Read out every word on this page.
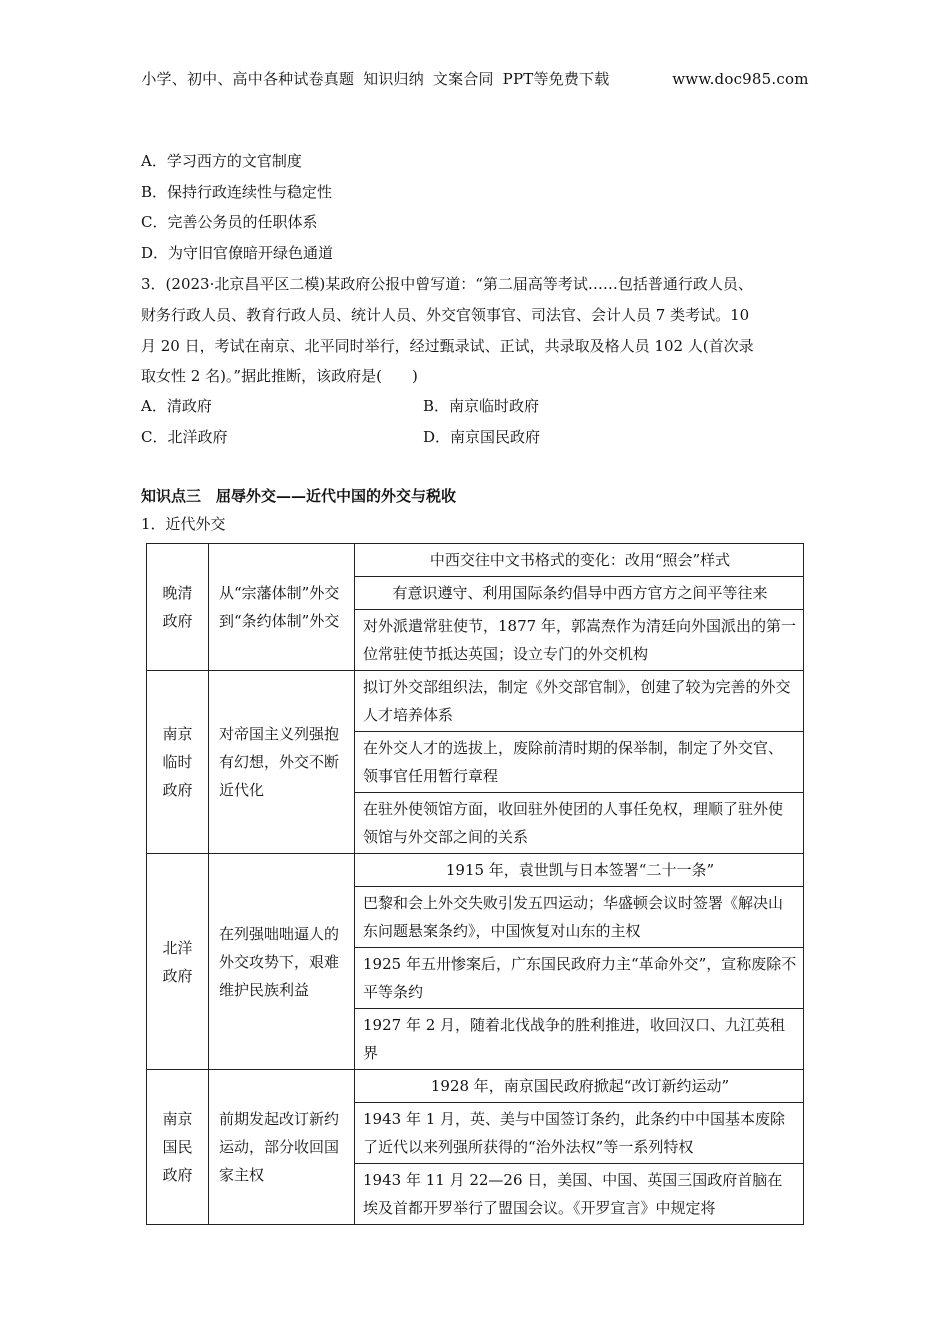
小学、初中、高中各种试卷真题 知识归纳 文案合同 PPT等免费下载	www.doc985.com
A．学习西方的文官制度
B．保持行政连续性与稳定性
C．完善公务员的任职体系
D．为守旧官僚暗开绿色通道
3．(2023·北京昌平区二模)某政府公报中曾写道：“第二届高等考试……包括普通行政人员、
财务行政人员、教育行政人员、统计人员、外交官领事官、司法官、会计人员 7 类考试。10
月 20 日，考试在南京、北平同时举行，经过甄录试、正试，共录取及格人员 102 人(首次录
取女性 2 名)。”据此推断，该政府是(　　)
A．清政府	B．南京临时政府
C．北洋政府	D．南京国民政府
知识点三　屈辱外交——近代中国的外交与税收
1．近代外交
晚清
政府	从“宗藩体制”外交到“条约体制”外交	中西交往中文书格式的变化：改用“照会”样式
		有意识遵守、利用国际条约倡导中西方官方之间平等往来
		对外派遣常驻使节，1877 年，郭嵩焘作为清廷向外国派出的第一位常驻使节抵达英国；设立专门的外交机构
南京
临时
政府	对帝国主义列强抱有幻想，外交不断近代化	拟订外交部组织法，制定《外交部官制》，创建了较为完善的外交人才培养体系
		在外交人才的选拔上，废除前清时期的保举制，制定了外交官、领事官任用暂行章程
		在驻外使领馆方面，收回驻外使团的人事任免权，理顺了驻外使领馆与外交部之间的关系
北洋
政府	在列强咄咄逼人的外交攻势下，艰难维护民族利益	1915 年，袁世凯与日本签署“二十一条”
		巴黎和会上外交失败引发五四运动；华盛顿会议时签署《解决山东问题悬案条约》，中国恢复对山东的主权
		1925 年五卅惨案后，广东国民政府力主“革命外交”，宣称废除不平等条约
		1927 年 2 月，随着北伐战争的胜利推进，收回汉口、九江英租界
南京
国民
政府	前期发起改订新约运动，部分收回国家主权	1928 年，南京国民政府掀起“改订新约运动”
		1943 年 1 月，英、美与中国签订条约，此条约中中国基本废除了近代以来列强所获得的“治外法权”等一系列特权
		1943 年 11 月 22—26 日，美国、中国、英国三国政府首脑在埃及首都开罗举行了盟国会议。《开罗宣言》中规定将
